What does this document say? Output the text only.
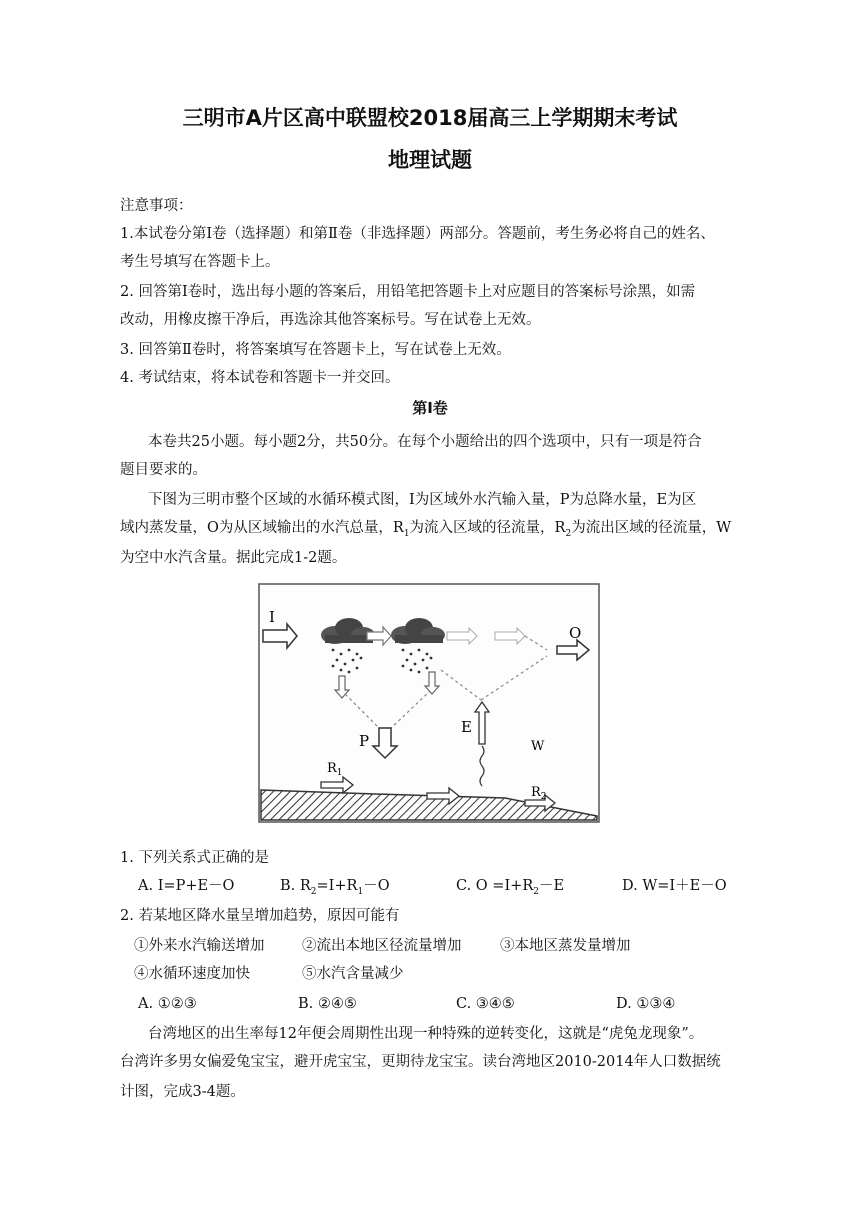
三明市A片区高中联盟校2018届高三上学期期末考试
地理试题
注意事项：
1.本试卷分第Ⅰ卷（选择题）和第Ⅱ卷（非选择题）两部分。答题前，考生务必将自己的姓名、
考生号填写在答题卡上。
2. 回答第Ⅰ卷时，选出每小题的答案后，用铅笔把答题卡上对应题目的答案标号涂黑，如需
改动，用橡皮擦干净后，再选涂其他答案标号。写在试卷上无效。
3. 回答第Ⅱ卷时，将答案填写在答题卡上，写在试卷上无效。
4. 考试结束，将本试卷和答题卡一并交回。
第Ⅰ卷
本卷共25小题。每小题2分，共50分。在每个小题给出的四个选项中，只有一项是符合
题目要求的。
下图为三明市整个区域的水循环模式图，I为区域外水汽输入量，P为总降水量，E为区
域内蒸发量，O为从区域输出的水汽总量，$R_1$为流入区域的径流量，$R_2$为流出区域的径流量，W
为空中水汽含量。据此完成1-2题。
I
O
P
E
W
$R_1$
$R_2$
1. 下列关系式正确的是
A. I=P+E－O	B. $R_2=I+R_1-O$	C. $O =I+R_2-E$	D. W=I＋E－O
2. 若某地区降水量呈增加趋势，原因可能有
①外来水汽输送增加	②流出本地区径流量增加	③本地区蒸发量增加
④水循环速度加快	⑤水汽含量减少
A. ①②③	B. ②④⑤	C. ③④⑤	D. ①③④
台湾地区的出生率每12年便会周期性出现一种特殊的逆转变化，这就是“虎兔龙现象”。
台湾许多男女偏爱兔宝宝，避开虎宝宝，更期待龙宝宝。读台湾地区2010-2014年人口数据统
计图，完成3-4题。
